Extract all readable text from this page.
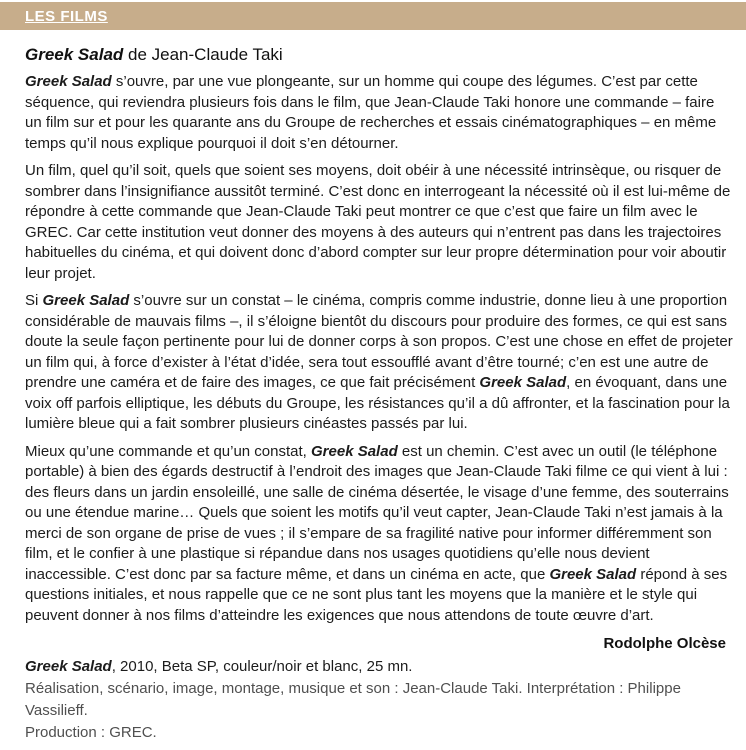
LES FILMS
Greek Salad de Jean-Claude Taki

Greek Salad s’ouvre, par une vue plongeante, sur un homme qui coupe des légumes. C’est par cette séquence, qui reviendra plusieurs fois dans le film, que Jean-Claude Taki honore une commande – faire un film sur et pour les quarante ans du Groupe de recherches et essais cinématographiques – en même temps qu’il nous explique pourquoi il doit s’en détourner.

Un film, quel qu’il soit, quels que soient ses moyens, doit obéir à une nécessité intrinsèque, ou risquer de sombrer dans l’insignifiance aussitôt terminé. C’est donc en interrogeant la nécessité où il est lui-même de répondre à cette commande que Jean-Claude Taki peut montrer ce que c’est que faire un film avec le GREC. Car cette institution veut donner des moyens à des auteurs qui n’entrent pas dans les trajectoires habituelles du cinéma, et qui doivent donc d’abord compter sur leur propre détermination pour voir aboutir leur projet.

Si Greek Salad s’ouvre sur un constat – le cinéma, compris comme industrie, donne lieu à une proportion considérable de mauvais films –, il s’éloigne bientôt du discours pour produire des formes, ce qui est sans doute la seule façon pertinente pour lui de donner corps à son propos. C’est une chose en effet de projeter un film qui, à force d’exister à l’état d’idée, sera tout essoufflé avant d’être tourné; c’en est une autre de prendre une caméra et de faire des images, ce que fait précisément Greek Salad, en évoquant, dans une voix off parfois elliptique, les débuts du Groupe, les résistances qu’il a dû affronter, et la fascination pour la lumière bleue qui a fait sombrer plusieurs cinéastes passés par lui.

Mieux qu’une commande et qu’un constat, Greek Salad est un chemin. C’est avec un outil (le téléphone portable) à bien des égards destructif à l’endroit des images que Jean-Claude Taki filme ce qui vient à lui : des fleurs dans un jardin ensoleillé, une salle de cinéma désertée, le visage d’une femme, des souterrains ou une étendue marine… Quels que soient les motifs qu’il veut capter, Jean-Claude Taki n’est jamais à la merci de son organe de prise de vues ; il s’empare de sa fragilité native pour informer différemment son film, et le confier à une plastique si répandue dans nos usages quotidiens qu’elle nous devient inaccessible. C’est donc par sa facture même, et dans un cinéma en acte, que Greek Salad répond à ses questions initiales, et nous rappelle que ce ne sont plus tant les moyens que la manière et le style qui peuvent donner à nos films d’atteindre les exigences que nous attendons de toute œuvre d’art.

Rodolphe Olcèse

Greek Salad, 2010, Beta SP, couleur/noir et blanc, 25 mn.

Réalisation, scénario, image, montage, musique et son : Jean-Claude Taki. Interprétation : Philippe Vassilieff.

Production : GREC.
